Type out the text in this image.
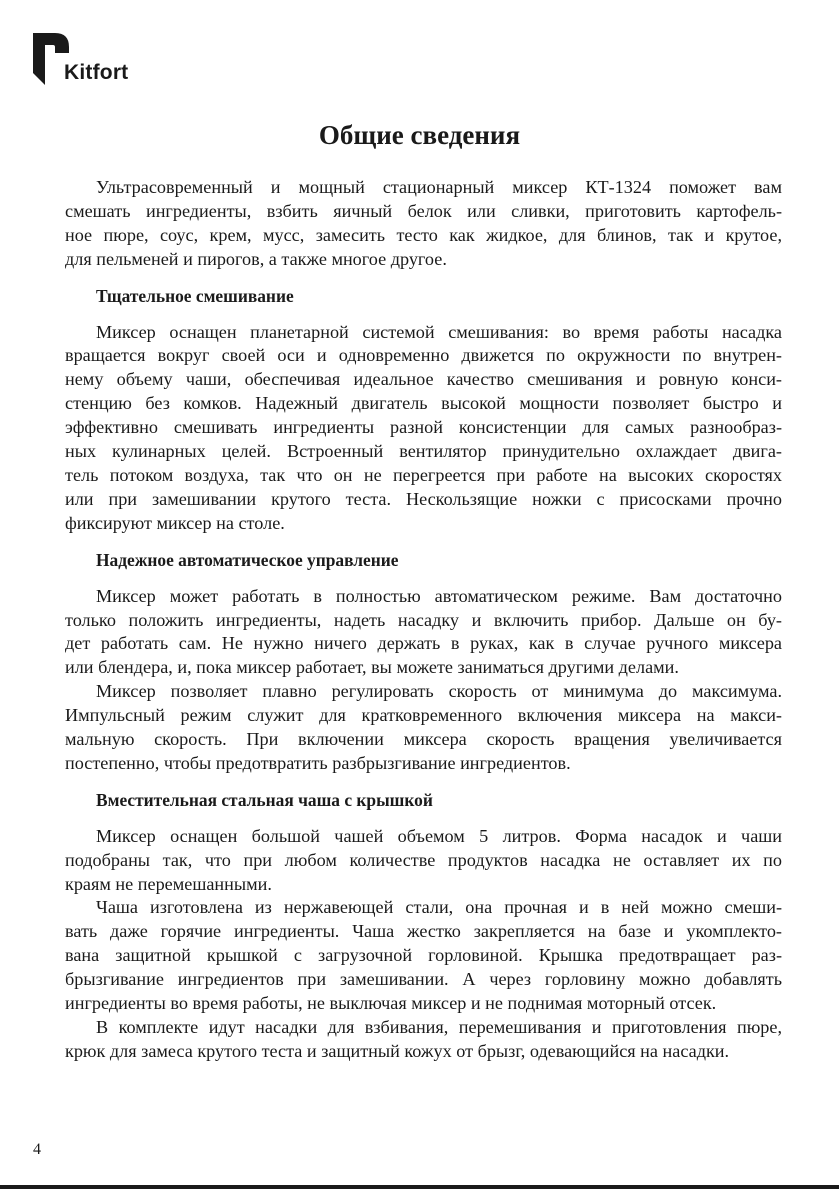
Kitfort
Общие сведения

Ультрасовременный и мощный стационарный миксер КТ-1324 поможет вам
смешать ингредиенты, взбить яичный белок или сливки, приготовить картофель-
ное пюре, соус, крем, мусс, замесить тесто как жидкое, для блинов, так и крутое,
для пельменей и пирогов, а также многое другое.

Тщательное смешивание

Миксер оснащен планетарной системой смешивания: во время работы насадка
вращается вокруг своей оси и одновременно движется по окружности по внутрен-
нему объему чаши, обеспечивая идеальное качество смешивания и ровную конси-
стенцию без комков. Надежный двигатель высокой мощности позволяет быстро и
эффективно смешивать ингредиенты разной консистенции для самых разнообраз-
ных кулинарных целей. Встроенный вентилятор принудительно охлаждает двига-
тель потоком воздуха, так что он не перегреется при работе на высоких скоростях
или при замешивании крутого теста. Нескользящие ножки с присосками прочно
фиксируют миксер на столе.

Надежное автоматическое управление

Миксер может работать в полностью автоматическом режиме. Вам достаточно
только положить ингредиенты, надеть насадку и включить прибор. Дальше он бу-
дет работать сам. Не нужно ничего держать в руках, как в случае ручного миксера
или блендера, и, пока миксер работает, вы можете заниматься другими делами.

Миксер позволяет плавно регулировать скорость от минимума до максимума.
Импульсный режим служит для кратковременного включения миксера на макси-
мальную скорость. При включении миксера скорость вращения увеличивается
постепенно, чтобы предотвратить разбрызгивание ингредиентов.

Вместительная стальная чаша с крышкой

Миксер оснащен большой чашей объемом 5 литров. Форма насадок и чаши
подобраны так, что при любом количестве продуктов насадка не оставляет их по
краям не перемешанными.

Чаша изготовлена из нержавеющей стали, она прочная и в ней можно смеши-
вать даже горячие ингредиенты. Чаша жестко закрепляется на базе и укомплекто-
вана защитной крышкой с загрузочной горловиной. Крышка предотвращает раз-
брызгивание ингредиентов при замешивании. А через горловину можно добавлять
ингредиенты во время работы, не выключая миксер и не поднимая моторный отсек.

В комплекте идут насадки для взбивания, перемешивания и приготовления пюре,
крюк для замеса крутого теста и защитный кожух от брызг, одевающийся на насадки.

4
